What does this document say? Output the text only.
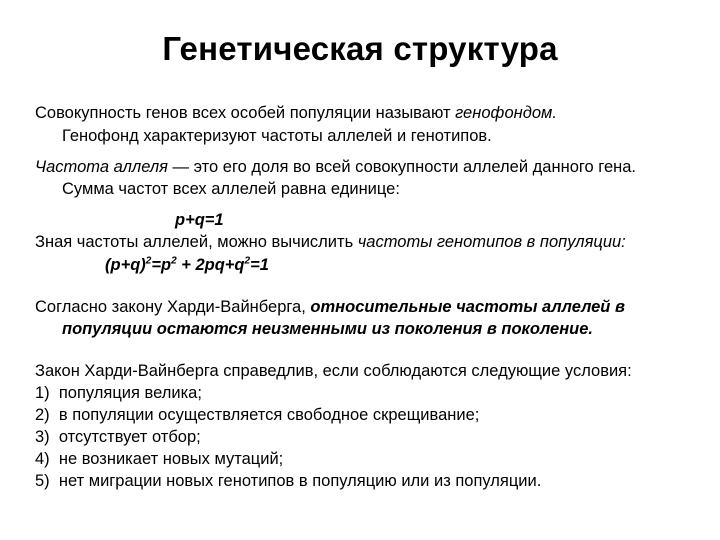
Генетическая структура
Совокупность генов всех особей популяции называют генофондом.
Генофонд характеризуют частоты аллелей и генотипов.
Частота аллеля — это его доля во всей совокупности аллелей данного гена.
Сумма частот всех аллелей равна единице:
p+q=1
Зная частоты аллелей, можно вычислить частоты генотипов в популяции:
$(p+q)^2=p^2 + 2pq+q^2=1$
Согласно закону Харди-Вайнберга, относительные частоты аллелей в
популяции остаются неизменными из поколения в поколение.
Закон Харди-Вайнберга справедлив, если соблюдаются следующие условия:
1) популяция велика;
2) в популяции осуществляется свободное скрещивание;
3) отсутствует отбор;
4) не возникает новых мутаций;
5) нет миграции новых генотипов в популяцию или из популяции.
